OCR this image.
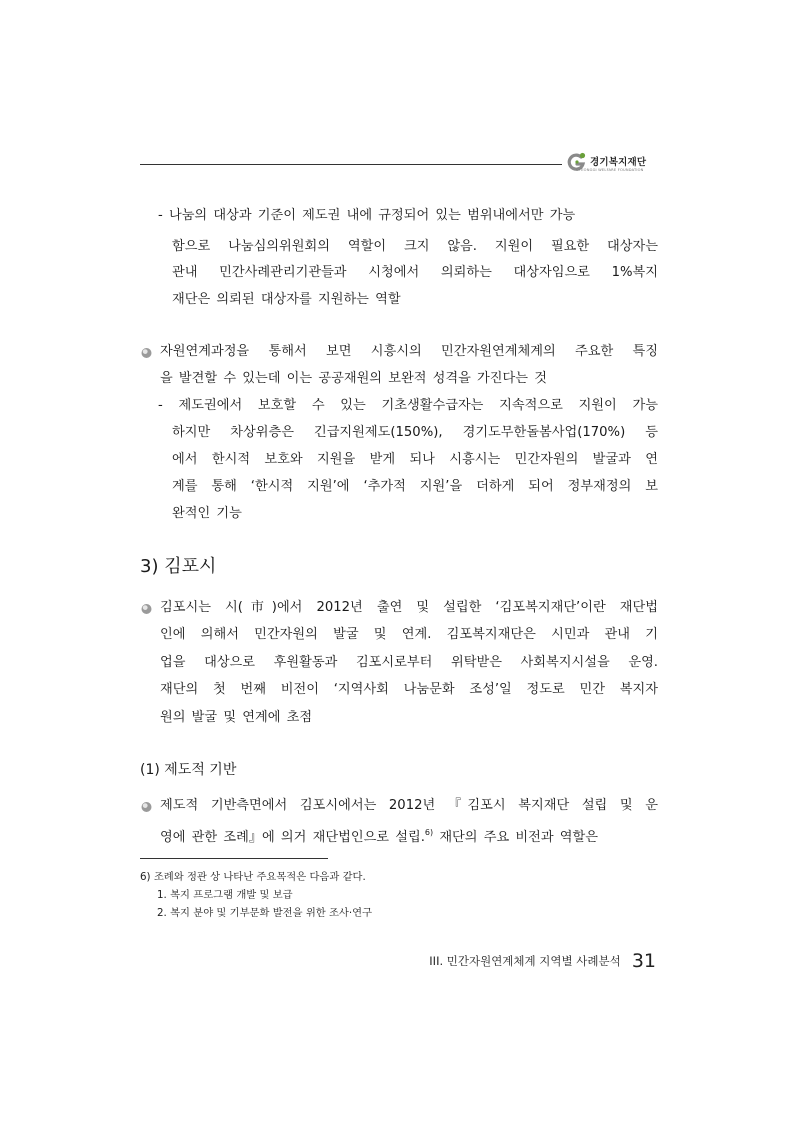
경기복지재단
GYEONGGI WELFARE FOUNDATION
- 나눔의 대상과 기준이 제도권 내에 규정되어 있는 범위내에서만 가능
함으로 나눔심의위원회의 역할이 크지 않음. 지원이 필요한 대상자는
관내 민간사례관리기관들과 시청에서 의뢰하는 대상자임으로 1%복지
재단은 의뢰된 대상자를 지원하는 역할
자원연계과정을 통해서 보면 시흥시의 민간자원연계체계의 주요한 특징
을 발견할 수 있는데 이는 공공재원의 보완적 성격을 가진다는 것
- 제도권에서 보호할 수 있는 기초생활수급자는 지속적으로 지원이 가능
하지만 차상위층은 긴급지원제도(150%), 경기도무한돌봄사업(170%) 등
에서 한시적 보호와 지원을 받게 되나 시흥시는 민간자원의 발굴과 연
계를 통해 ‘한시적 지원’에 ‘추가적 지원’을 더하게 되어 정부재정의 보
완적인 기능
3) 김포시
김포시는 시(市)에서 2012년 출연 및 설립한 ‘김포복지재단’이란 재단법
인에 의해서 민간자원의 발굴 및 연계. 김포복지재단은 시민과 관내 기
업을 대상으로 후원활동과 김포시로부터 위탁받은 사회복지시설을 운영.
재단의 첫 번째 비전이 ‘지역사회 나눔문화 조성’일 정도로 민간 복지자
원의 발굴 및 연계에 초점
(1) 제도적 기반
제도적 기반측면에서 김포시에서는 2012년 『김포시 복지재단 설립 및 운
영에 관한 조례』에 의거 재단법인으로 설립.$^{6)}$ 재단의 주요 비전과 역할은
6) 조례와 정관 상 나타난 주요목적은 다음과 같다.
1. 복지 프로그램 개발 및 보급
2. 복지 분야 및 기부문화 발전을 위한 조사·연구
III. 민간자원연계체계 지역별 사례분석 31
